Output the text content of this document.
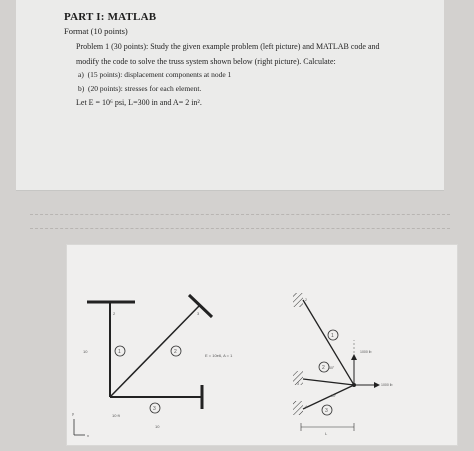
PART I: MATLAB
Format (10 points)
Problem 1 (30 points): Study the given example problem (left picture) and MATLAB code and
modify the code to solve the truss system shown below (right picture). Calculate:
a) (15 points): displacement components at node 1
b) (20 points): stresses for each element.
Let E = 10⁶ psi, L=300 in and A= 2 in².
2	3
1	2
3
10
10 ft
10
y
x
E = 10e6, A = 1
2
3
4
1
2
3
60°
30°
1000 lb
1000 lb
L
